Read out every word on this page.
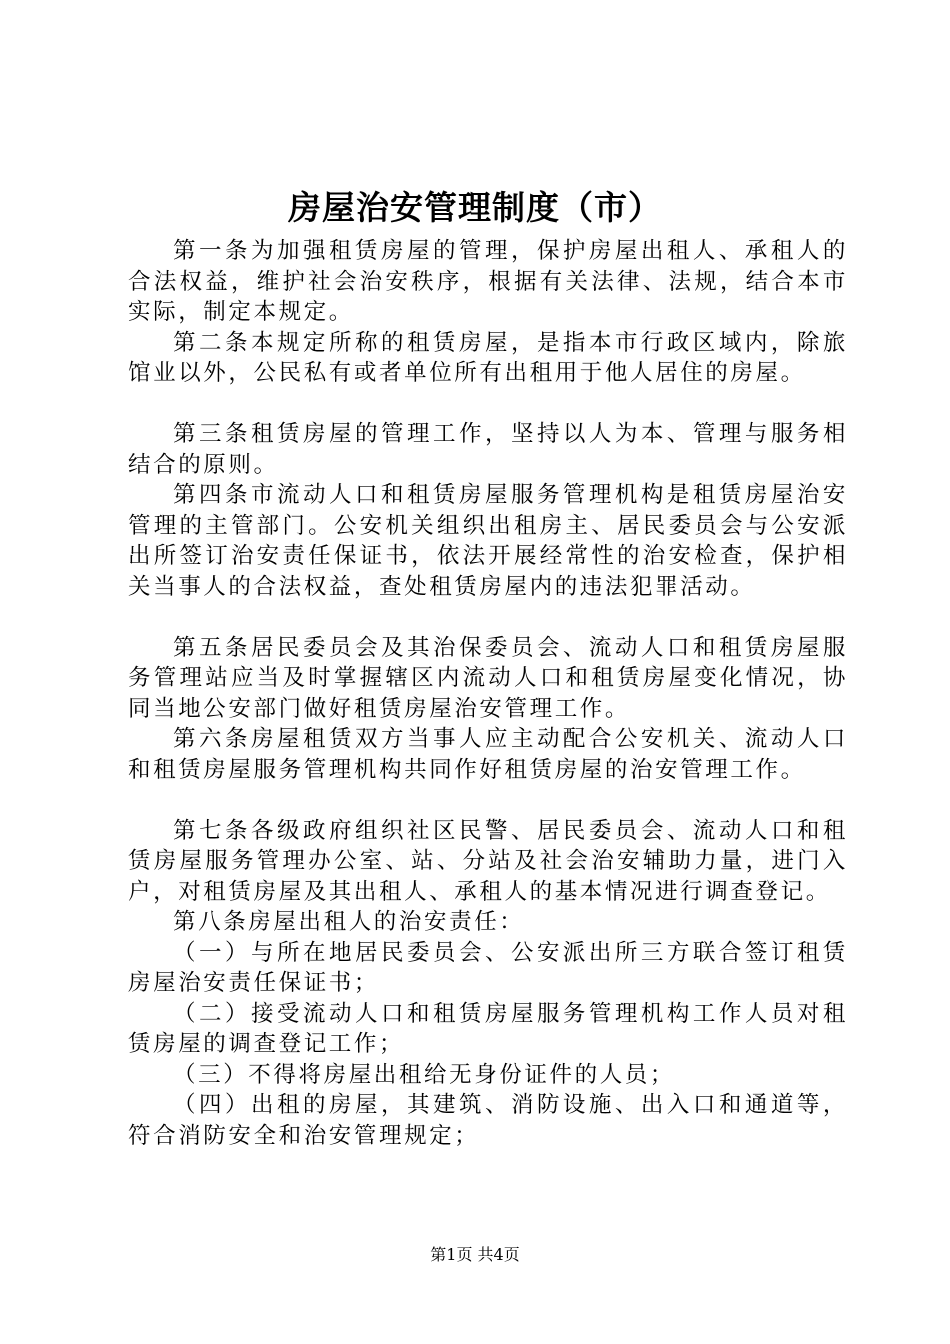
房屋治安管理制度（市）

第一条为加强租赁房屋的管理，保护房屋出租人、承租人的合法权益，维护社会治安秩序，根据有关法律、法规，结合本市实际，制定本规定。

第二条本规定所称的租赁房屋，是指本市行政区域内，除旅馆业以外，公民私有或者单位所有出租用于他人居住的房屋。

第三条租赁房屋的管理工作，坚持以人为本、管理与服务相结合的原则。

第四条市流动人口和租赁房屋服务管理机构是租赁房屋治安管理的主管部门。公安机关组织出租房主、居民委员会与公安派出所签订治安责任保证书，依法开展经常性的治安检查，保护相关当事人的合法权益，查处租赁房屋内的违法犯罪活动。

第五条居民委员会及其治保委员会、流动人口和租赁房屋服务管理站应当及时掌握辖区内流动人口和租赁房屋变化情况，协同当地公安部门做好租赁房屋治安管理工作。

第六条房屋租赁双方当事人应主动配合公安机关、流动人口和租赁房屋服务管理机构共同作好租赁房屋的治安管理工作。

第七条各级政府组织社区民警、居民委员会、流动人口和租赁房屋服务管理办公室、站、分站及社会治安辅助力量，进门入户，对租赁房屋及其出租人、承租人的基本情况进行调查登记。

第八条房屋出租人的治安责任：

（一）与所在地居民委员会、公安派出所三方联合签订租赁房屋治安责任保证书；

（二）接受流动人口和租赁房屋服务管理机构工作人员对租赁房屋的调查登记工作；

（三）不得将房屋出租给无身份证件的人员；

（四）出租的房屋，其建筑、消防设施、出入口和通道等，符合消防安全和治安管理规定；

第1页 共4页
